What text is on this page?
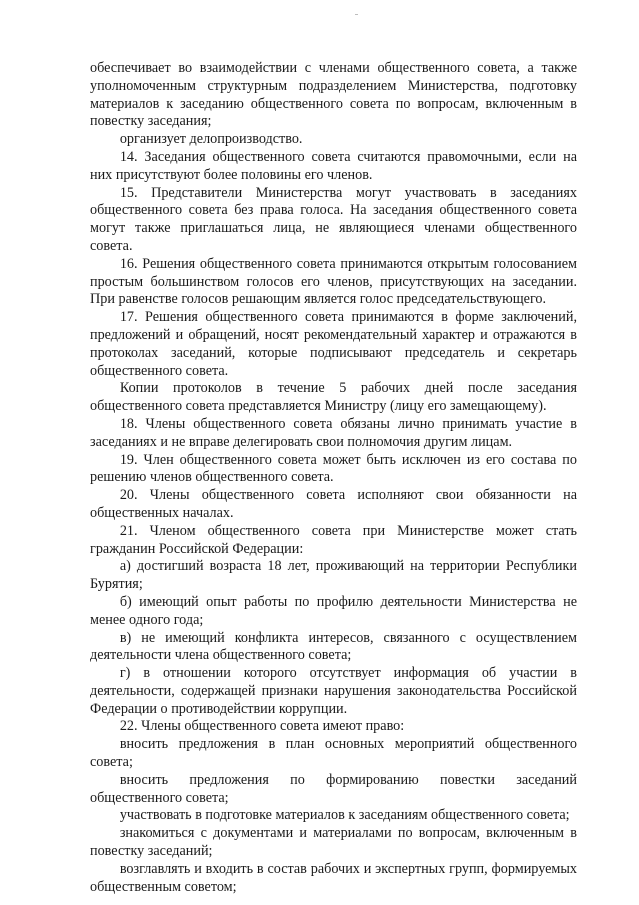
обеспечивает во взаимодействии с членами общественного совета, а также уполномоченным структурным подразделением Министерства, подготовку материалов к заседанию общественного совета по вопросам, включенным в повестку заседания;

организует делопроизводство.

14. Заседания общественного совета считаются правомочными, если на них присутствуют более половины его членов.

15. Представители Министерства могут участвовать в заседаниях общественного совета без права голоса. На заседания общественного совета могут также приглашаться лица, не являющиеся членами общественного совета.

16. Решения общественного совета принимаются открытым голосованием простым большинством голосов его членов, присутствующих на заседании. При равенстве голосов решающим является голос председательствующего.

17. Решения общественного совета принимаются в форме заключений, предложений и обращений, носят рекомендательный характер и отражаются в протоколах заседаний, которые подписывают председатель и секретарь общественного совета.

Копии протоколов в течение 5 рабочих дней после заседания общественного совета представляется Министру (лицу его замещающему).

18. Члены общественного совета обязаны лично принимать участие в заседаниях и не вправе делегировать свои полномочия другим лицам.

19. Член общественного совета может быть исключен из его состава по решению членов общественного совета.

20. Члены общественного совета исполняют свои обязанности на общественных началах.

21. Членом общественного совета при Министерстве может стать гражданин Российской Федерации:

а) достигший возраста 18 лет, проживающий на территории Республики Бурятия;

б) имеющий опыт работы по профилю деятельности Министерства не менее одного года;

в) не имеющий конфликта интересов, связанного с осуществлением деятельности члена общественного совета;

г) в отношении которого отсутствует информация об участии в деятельности, содержащей признаки нарушения законодательства Российской Федерации о противодействии коррупции.

22. Члены общественного совета имеют право:

вносить предложения в план основных мероприятий общественного совета;

вносить предложения по формированию повестки заседаний общественного совета;

участвовать в подготовке материалов к заседаниям общественного совета;

знакомиться с документами и материалами по вопросам, включенным в повестку заседаний;

возглавлять и входить в состав рабочих и экспертных групп, формируемых общественным советом;
